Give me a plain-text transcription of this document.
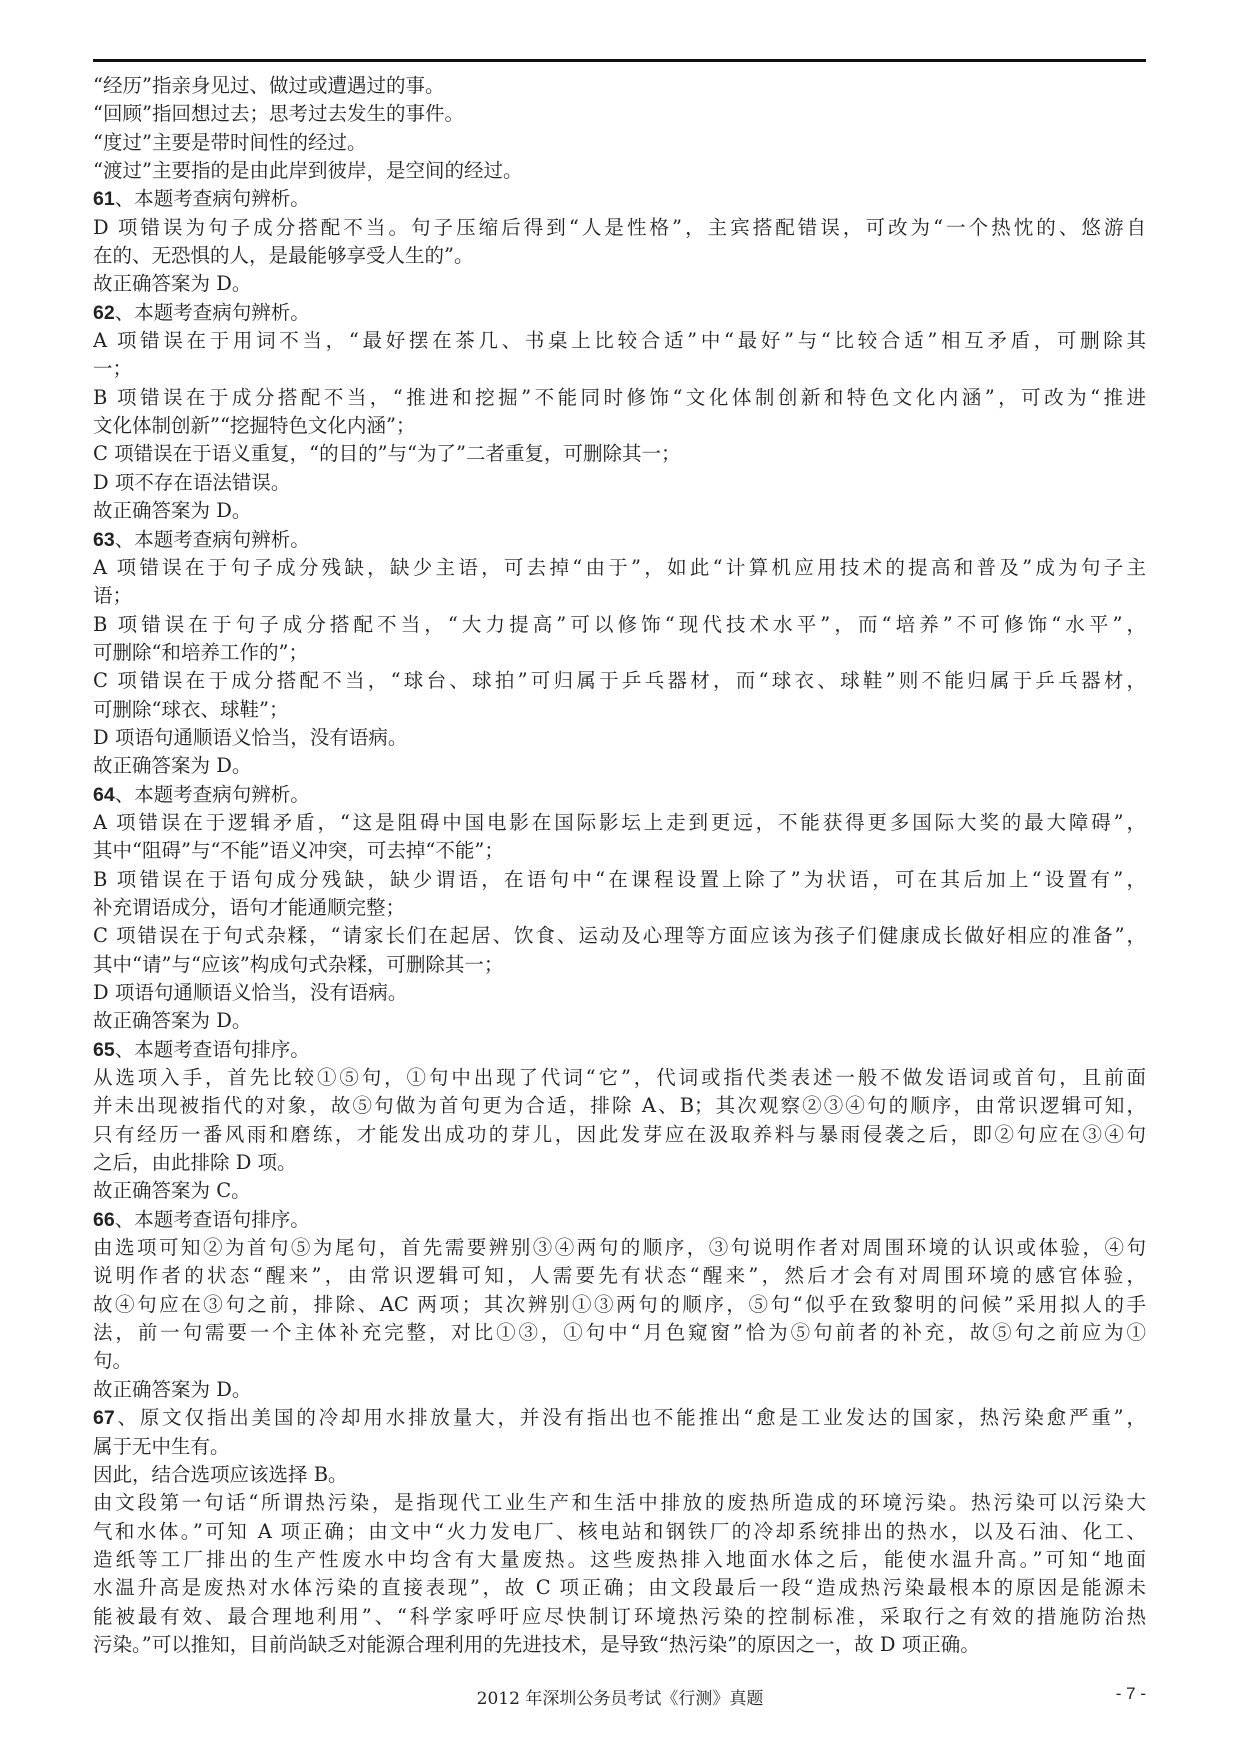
“经历”指亲身见过、做过或遭遇过的事。
“回顾”指回想过去；思考过去发生的事件。
“度过”主要是带时间性的经过。
“渡过”主要指的是由此岸到彼岸，是空间的经过。
61、本题考查病句辨析。
D 项错误为句子成分搭配不当。句子压缩后得到“人是性格”，主宾搭配错误，可改为“一个热忱的、悠游自
在的、无恐惧的人，是最能够享受人生的”。
故正确答案为 D。
62、本题考查病句辨析。
A 项错误在于用词不当，“最好摆在茶几、书桌上比较合适”中“最好”与“比较合适”相互矛盾，可删除其
一；
B 项错误在于成分搭配不当，“推进和挖掘”不能同时修饰“文化体制创新和特色文化内涵”，可改为“推进
文化体制创新”“挖掘特色文化内涵”；
C 项错误在于语义重复，“的目的”与“为了”二者重复，可删除其一；
D 项不存在语法错误。
故正确答案为 D。
63、本题考查病句辨析。
A 项错误在于句子成分残缺，缺少主语，可去掉“由于”，如此“计算机应用技术的提高和普及”成为句子主
语；
B 项错误在于句子成分搭配不当，“大力提高”可以修饰“现代技术水平”，而“培养”不可修饰“水平”，
可删除“和培养工作的”；
C 项错误在于成分搭配不当，“球台、球拍”可归属于乒乓器材，而“球衣、球鞋”则不能归属于乒乓器材，
可删除“球衣、球鞋”；
D 项语句通顺语义恰当，没有语病。
故正确答案为 D。
64、本题考查病句辨析。
A 项错误在于逻辑矛盾，“这是阻碍中国电影在国际影坛上走到更远，不能获得更多国际大奖的最大障碍”，
其中“阻碍”与“不能”语义冲突，可去掉“不能”；
B 项错误在于语句成分残缺，缺少谓语，在语句中“在课程设置上除了”为状语，可在其后加上“设置有”，
补充谓语成分，语句才能通顺完整；
C 项错误在于句式杂糅，“请家长们在起居、饮食、运动及心理等方面应该为孩子们健康成长做好相应的准备”，
其中“请”与“应该”构成句式杂糅，可删除其一；
D 项语句通顺语义恰当，没有语病。
故正确答案为 D。
65、本题考查语句排序。
从选项入手，首先比较①⑤句，①句中出现了代词“它”，代词或指代类表述一般不做发语词或首句，且前面
并未出现被指代的对象，故⑤句做为首句更为合适，排除 A、B；其次观察②③④句的顺序，由常识逻辑可知，
只有经历一番风雨和磨练，才能发出成功的芽儿，因此发芽应在汲取养料与暴雨侵袭之后，即②句应在③④句
之后，由此排除 D 项。
故正确答案为 C。
66、本题考查语句排序。
由选项可知②为首句⑤为尾句，首先需要辨别③④两句的顺序，③句说明作者对周围环境的认识或体验，④句
说明作者的状态“醒来”，由常识逻辑可知，人需要先有状态“醒来”，然后才会有对周围环境的感官体验，
故④句应在③句之前，排除、AC 两项；其次辨别①③两句的顺序，⑤句“似乎在致黎明的问候”采用拟人的手
法，前一句需要一个主体补充完整，对比①③，①句中“月色窥窗”恰为⑤句前者的补充，故⑤句之前应为①
句。
故正确答案为 D。
67、原文仅指出美国的冷却用水排放量大，并没有指出也不能推出“愈是工业发达的国家，热污染愈严重”，
属于无中生有。
因此，结合选项应该选择 B。
由文段第一句话“所谓热污染，是指现代工业生产和生活中排放的废热所造成的环境污染。热污染可以污染大
气和水体。”可知 A 项正确；由文中“火力发电厂、核电站和钢铁厂的冷却系统排出的热水，以及石油、化工、
造纸等工厂排出的生产性废水中均含有大量废热。这些废热排入地面水体之后，能使水温升高。”可知“地面
水温升高是废热对水体污染的直接表现”，故 C 项正确；由文段最后一段“造成热污染最根本的原因是能源未
能被最有效、最合理地利用”、“科学家呼吁应尽快制订环境热污染的控制标准，采取行之有效的措施防治热
污染。”可以推知，目前尚缺乏对能源合理利用的先进技术，是导致“热污染”的原因之一，故 D 项正确。
2012 年深圳公务员考试《行测》真题	- 7 -
